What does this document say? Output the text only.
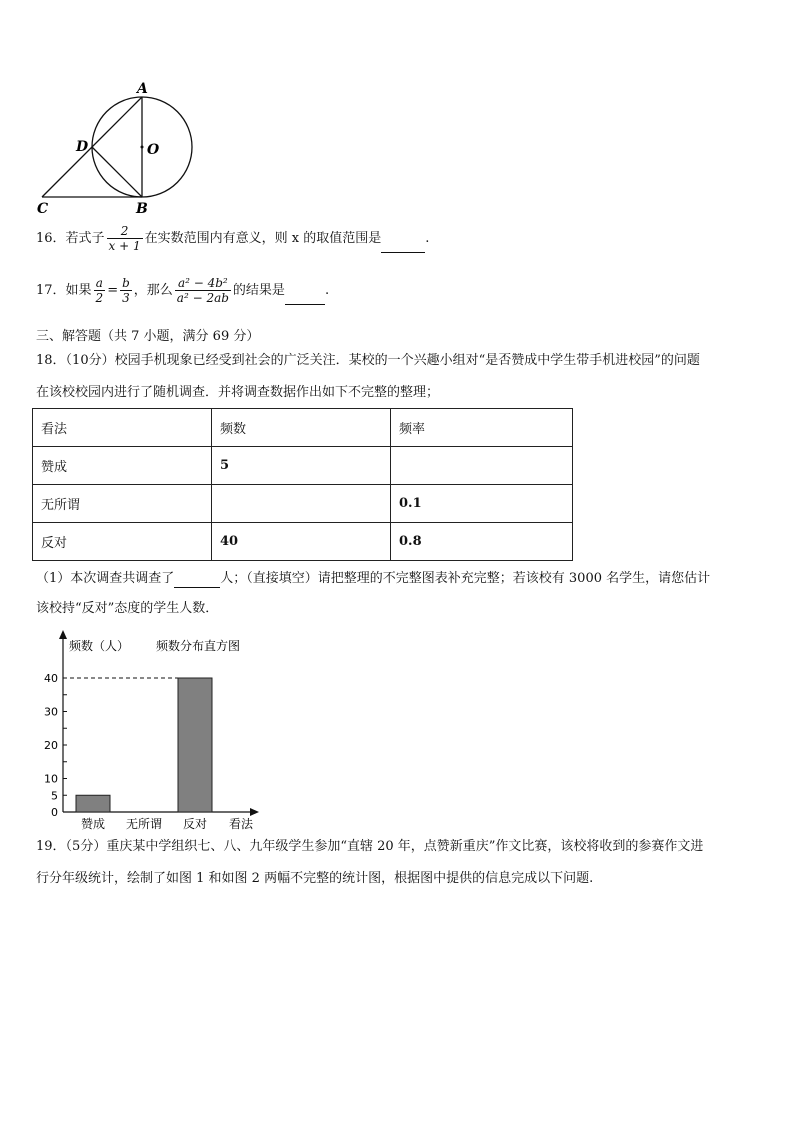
A
O
D
C	B
16．若式子 $\frac{2}{x + 1}$ 在实数范围内有意义，则 x 的取值范围是	.
17．如果 $\frac{a}{2} = \frac{b}{3}$ ，那么 $\frac{\text{a² − 4b²}}{\text{a² − 2ab}}$ 的结果是	.
三、解答题（共 7 小题，满分 69 分）
18．（10分）校园手机现象已经受到社会的广泛关注．某校的一个兴趣小组对“是否赞成中学生带手机进校园”的问题
在该校校园内进行了随机调查．并将调查数据作出如下不完整的整理；
看法	频数	频率
赞成	5	
无所谓		0.1
反对	40	0.8
（1）本次调查共调查了	人；（直接填空）请把整理的不完整图表补充完整；若该校有 3000 名学生，请您估计
该校持“反对”态度的学生人数．
频数（人） 频数分布直方图
看法
0
5
10
20
30
40
赞成 无所谓 反对
19．（5分）重庆某中学组织七、八、九年级学生参加“直辖 20 年，点赞新重庆”作文比赛，该校将收到的参赛作文进
行分年级统计，绘制了如图 1 和如图 2 两幅不完整的统计图，根据图中提供的信息完成以下问题.
